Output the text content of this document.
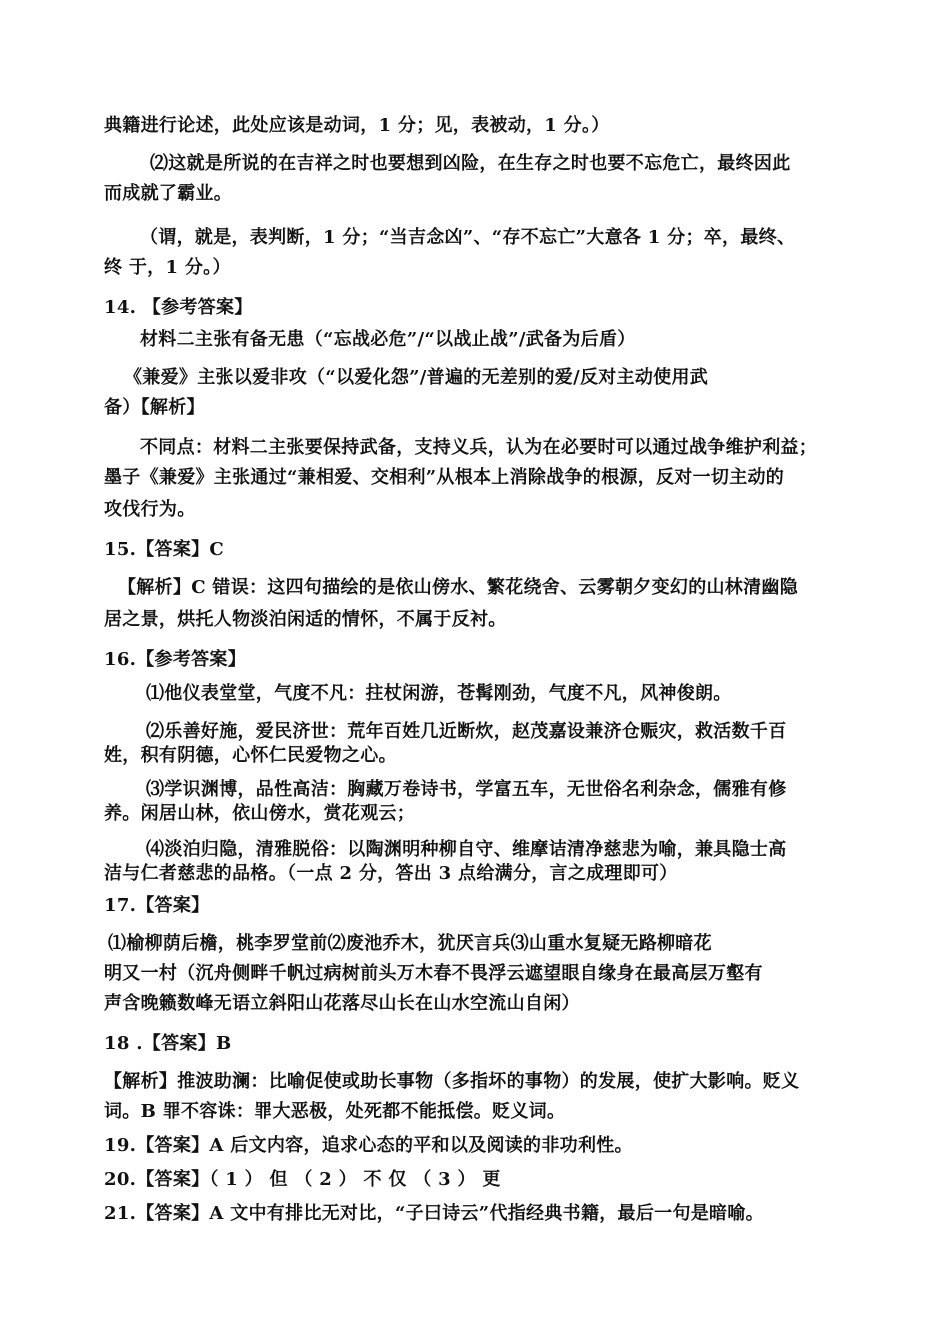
典籍进行论述，此处应该是动词，1 分；见，表被动，1 分。）
⑵这就是所说的在吉祥之时也要想到凶险，在生存之时也要不忘危亡，最终因此
而成就了霸业。
（谓，就是，表判断，1 分；“当吉念凶”、“存不忘亡”大意各 1 分；卒，最终、
终 于，1 分。）
14. 【参考答案】
材料二主张有备无患（“忘战必危”/“以战止战”/武备为后盾）
《兼爱》主张以爱非攻（“以爱化怨”/普遍的无差别的爱/反对主动使用武
备）【解析】
不同点：材料二主张要保持武备，支持义兵，认为在必要时可以通过战争维护利益；
墨子《兼爱》主张通过“兼相爱、交相利”从根本上消除战争的根源，反对一切主动的
攻伐行为。
15.【答案】C
【解析】C 错误：这四句描绘的是依山傍水、繁花绕舍、云雾朝夕变幻的山林清幽隐
居之景，烘托人物淡泊闲适的情怀，不属于反衬。
16.【参考答案】
⑴他仪表堂堂，气度不凡：拄杖闲游，苍髯刚劲，气度不凡，风神俊朗。
⑵乐善好施，爱民济世：荒年百姓几近断炊，赵茂嘉设兼济仓赈灾，救活数千百
姓，积有阴德，心怀仁民爱物之心。
⑶学识渊博，品性高洁：胸藏万卷诗书，学富五车，无世俗名利杂念，儒雅有修
养。闲居山林，依山傍水，赏花观云；
⑷淡泊归隐，清雅脱俗：以陶渊明种柳自守、维摩诘清净慈悲为喻，兼具隐士高
洁与仁者慈悲的品格。（一点 2 分，答出 3 点给满分，言之成理即可）
17.【答案】
⑴榆柳荫后檐，桃李罗堂前⑵废池乔木，犹厌言兵⑶山重水复疑无路柳暗花
明又一村（沉舟侧畔千帆过病树前头万木春不畏浮云遮望眼自缘身在最高层万壑有
声含晚籁数峰无语立斜阳山花落尽山长在山水空流山自闲）
18 .【答案】B
【解析】推波助澜：比喻促使或助长事物（多指坏的事物）的发展，使扩大影响。贬义
词。B 罪不容诛：罪大恶极，处死都不能抵偿。贬义词。
19.【答案】A 后文内容，追求心态的平和以及阅读的非功利性。
20.【答案】（ 1 ） 但 （ 2 ） 不 仅 （ 3 ） 更
21.【答案】A 文中有排比无对比，“子曰诗云”代指经典书籍，最后一句是暗喻。
